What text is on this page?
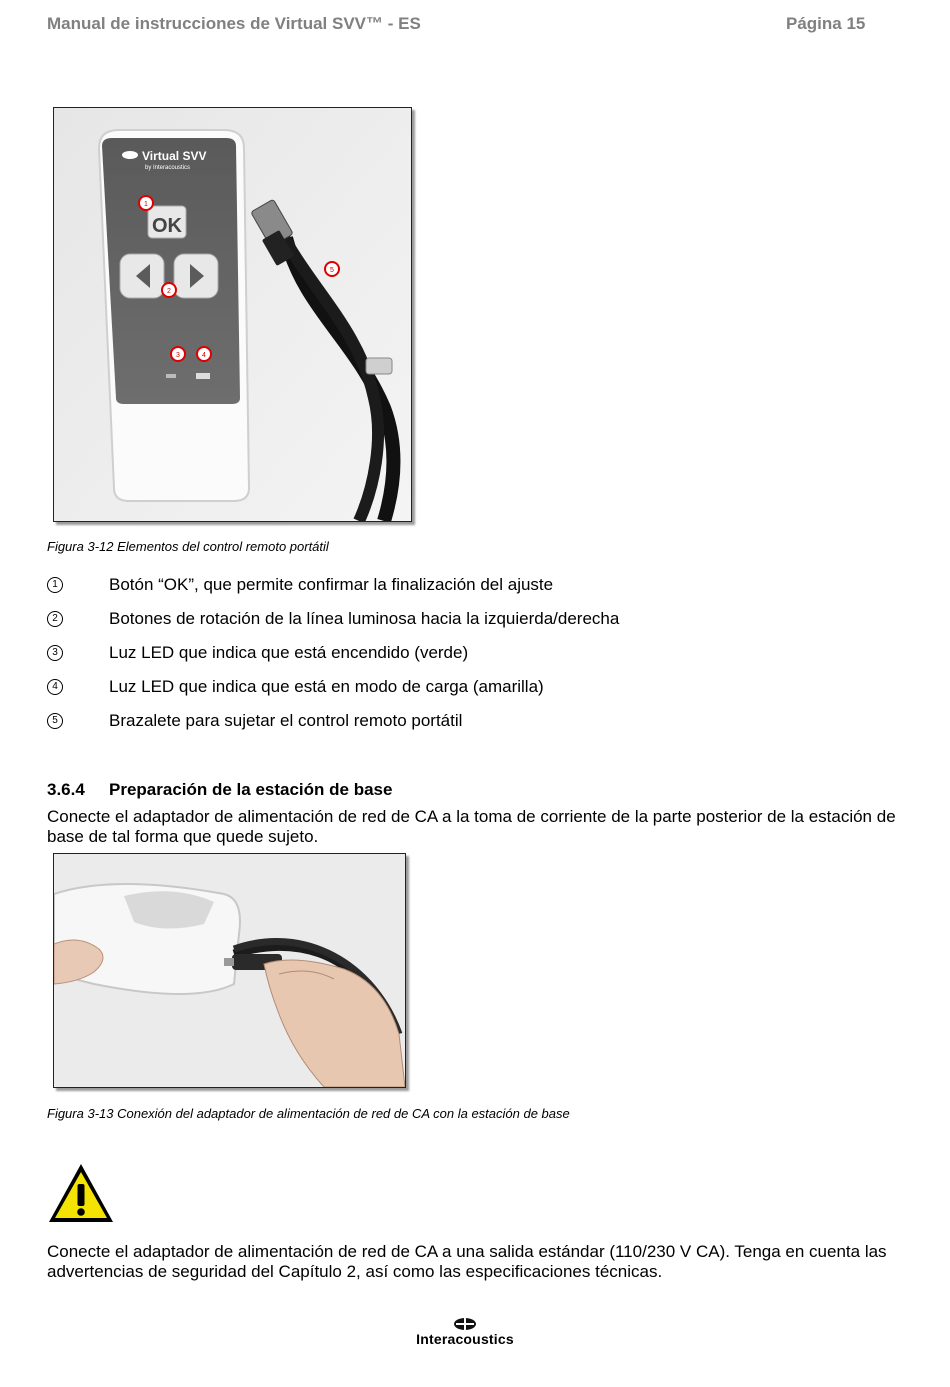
Manual de instrucciones de Virtual SVV™ - ES	Página 15
Virtual SVV
by Interacoustics
OK
1
2
3	4
5
Figura 3-12 Elementos del control remoto portátil
1	Botón “OK”, que permite confirmar la finalización del ajuste
2	Botones de rotación de la línea luminosa hacia la izquierda/derecha
3	Luz LED que indica que está encendido (verde)
4	Luz LED que indica que está en modo de carga (amarilla)
5	Brazalete para sujetar el control remoto portátil
3.6.4 Preparación de la estación de base
Conecte el adaptador de alimentación de red de CA a la toma de corriente de la parte posterior de la estación de base de tal forma que quede sujeto.
Figura 3-13 Conexión del adaptador de alimentación de red de CA con la estación de base
Conecte el adaptador de alimentación de red de CA a una salida estándar (110/230 V CA). Tenga en cuenta las advertencias de seguridad del Capítulo 2, así como las especificaciones técnicas.
Interacoustics
